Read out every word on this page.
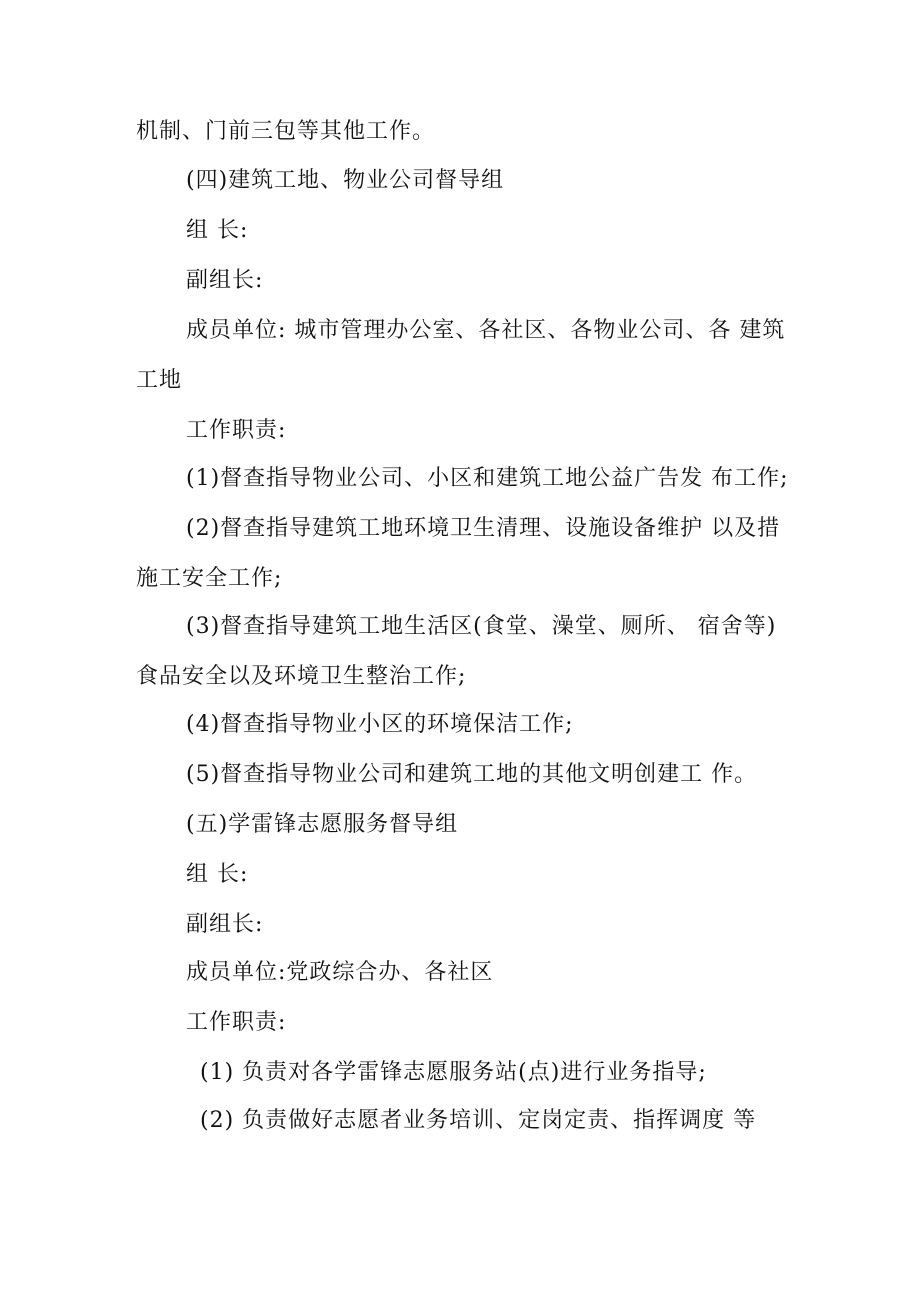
机制、门前三包等其他工作。
(四)建筑工地、物业公司督导组
组 长:
副组长:
成员单位: 城市管理办公室、各社区、各物业公司、各 建筑
工地
工作职责:
(1)督查指导物业公司、小区和建筑工地公益广告发 布工作;
(2)督查指导建筑工地环境卫生清理、设施设备维护 以及措
施工安全工作;
(3)督查指导建筑工地生活区(食堂、澡堂、厕所、 宿舍等)
食品安全以及环境卫生整治工作;
(4)督查指导物业小区的环境保洁工作;
(5)督查指导物业公司和建筑工地的其他文明创建工 作。
(五)学雷锋志愿服务督导组
组 长:
副组长:
成员单位:党政综合办、各社区
工作职责:
(1) 负责对各学雷锋志愿服务站(点)进行业务指导;
(2) 负责做好志愿者业务培训、定岗定责、指挥调度 等
